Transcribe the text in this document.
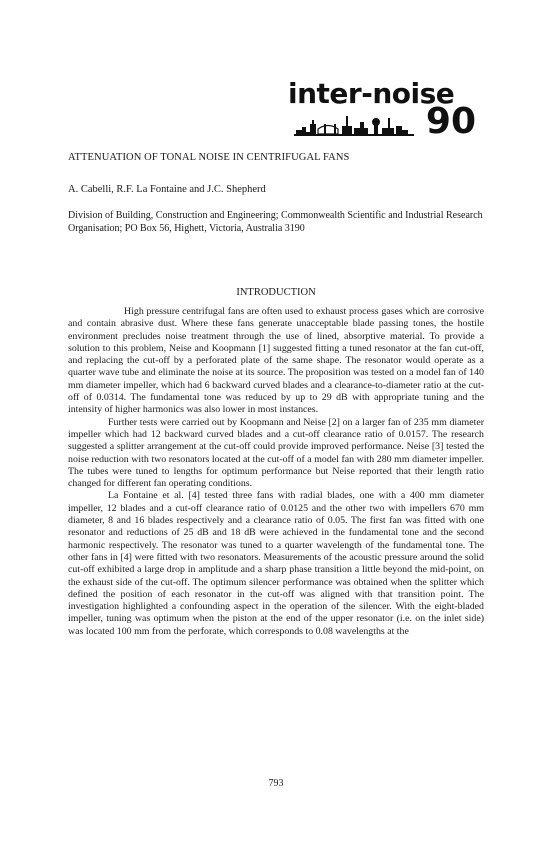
inter-noise
90
ATTENUATION OF TONAL NOISE IN CENTRIFUGAL FANS

A. Cabelli, R.F. La Fontaine and J.C. Shepherd

Division of Building, Construction and Engineering; Commonwealth Scientific and Industrial Research Organisation; PO Box 56, Highett, Victoria, Australia 3190

INTRODUCTION

High pressure centrifugal fans are often used to exhaust process gases which are corrosive and contain abrasive dust. Where these fans generate unacceptable blade passing tones, the hostile environment precludes noise treatment through the use of lined, absorptive material. To provide a solution to this problem, Neise and Koopmann [1] suggested fitting a tuned resonator at the fan cut-off, and replacing the cut-off by a perforated plate of the same shape. The resonator would operate as a quarter wave tube and eliminate the noise at its source. The proposition was tested on a model fan of 140 mm diameter impeller, which had 6 backward curved blades and a clearance-to-diameter ratio at the cut-off of 0.0314. The fundamental tone was reduced by up to 29 dB with appropriate tuning and the intensity of higher harmonics was also lower in most instances.

Further tests were carried out by Koopmann and Neise [2] on a larger fan of 235 mm diameter impeller which had 12 backward curved blades and a cut-off clearance ratio of 0.0157. The research suggested a splitter arrangement at the cut-off could provide improved performance. Neise [3] tested the noise reduction with two resonators located at the cut-off of a model fan with 280 mm diameter impeller. The tubes were tuned to lengths for optimum performance but Neise reported that their length ratio changed for different fan operating conditions.

La Fontaine et al. [4] tested three fans with radial blades, one with a 400 mm diameter impeller, 12 blades and a cut-off clearance ratio of 0.0125 and the other two with impellers 670 mm diameter, 8 and 16 blades respectively and a clearance ratio of 0.05. The first fan was fitted with one resonator and reductions of 25 dB and 18 dB were achieved in the fundamental tone and the second harmonic respectively. The resonator was tuned to a quarter wavelength of the fundamental tone. The other fans in [4] were fitted with two resonators. Measurements of the acoustic pressure around the solid cut-off exhibited a large drop in amplitude and a sharp phase transition a little beyond the mid-point, on the exhaust side of the cut-off. The optimum silencer performance was obtained when the splitter which defined the position of each resonator in the cut-off was aligned with that transition point. The investigation highlighted a confounding aspect in the operation of the silencer. With the eight-bladed impeller, tuning was optimum when the piston at the end of the upper resonator (i.e. on the inlet side) was located 100 mm from the perforate, which corresponds to 0.08 wavelengths at the

793
